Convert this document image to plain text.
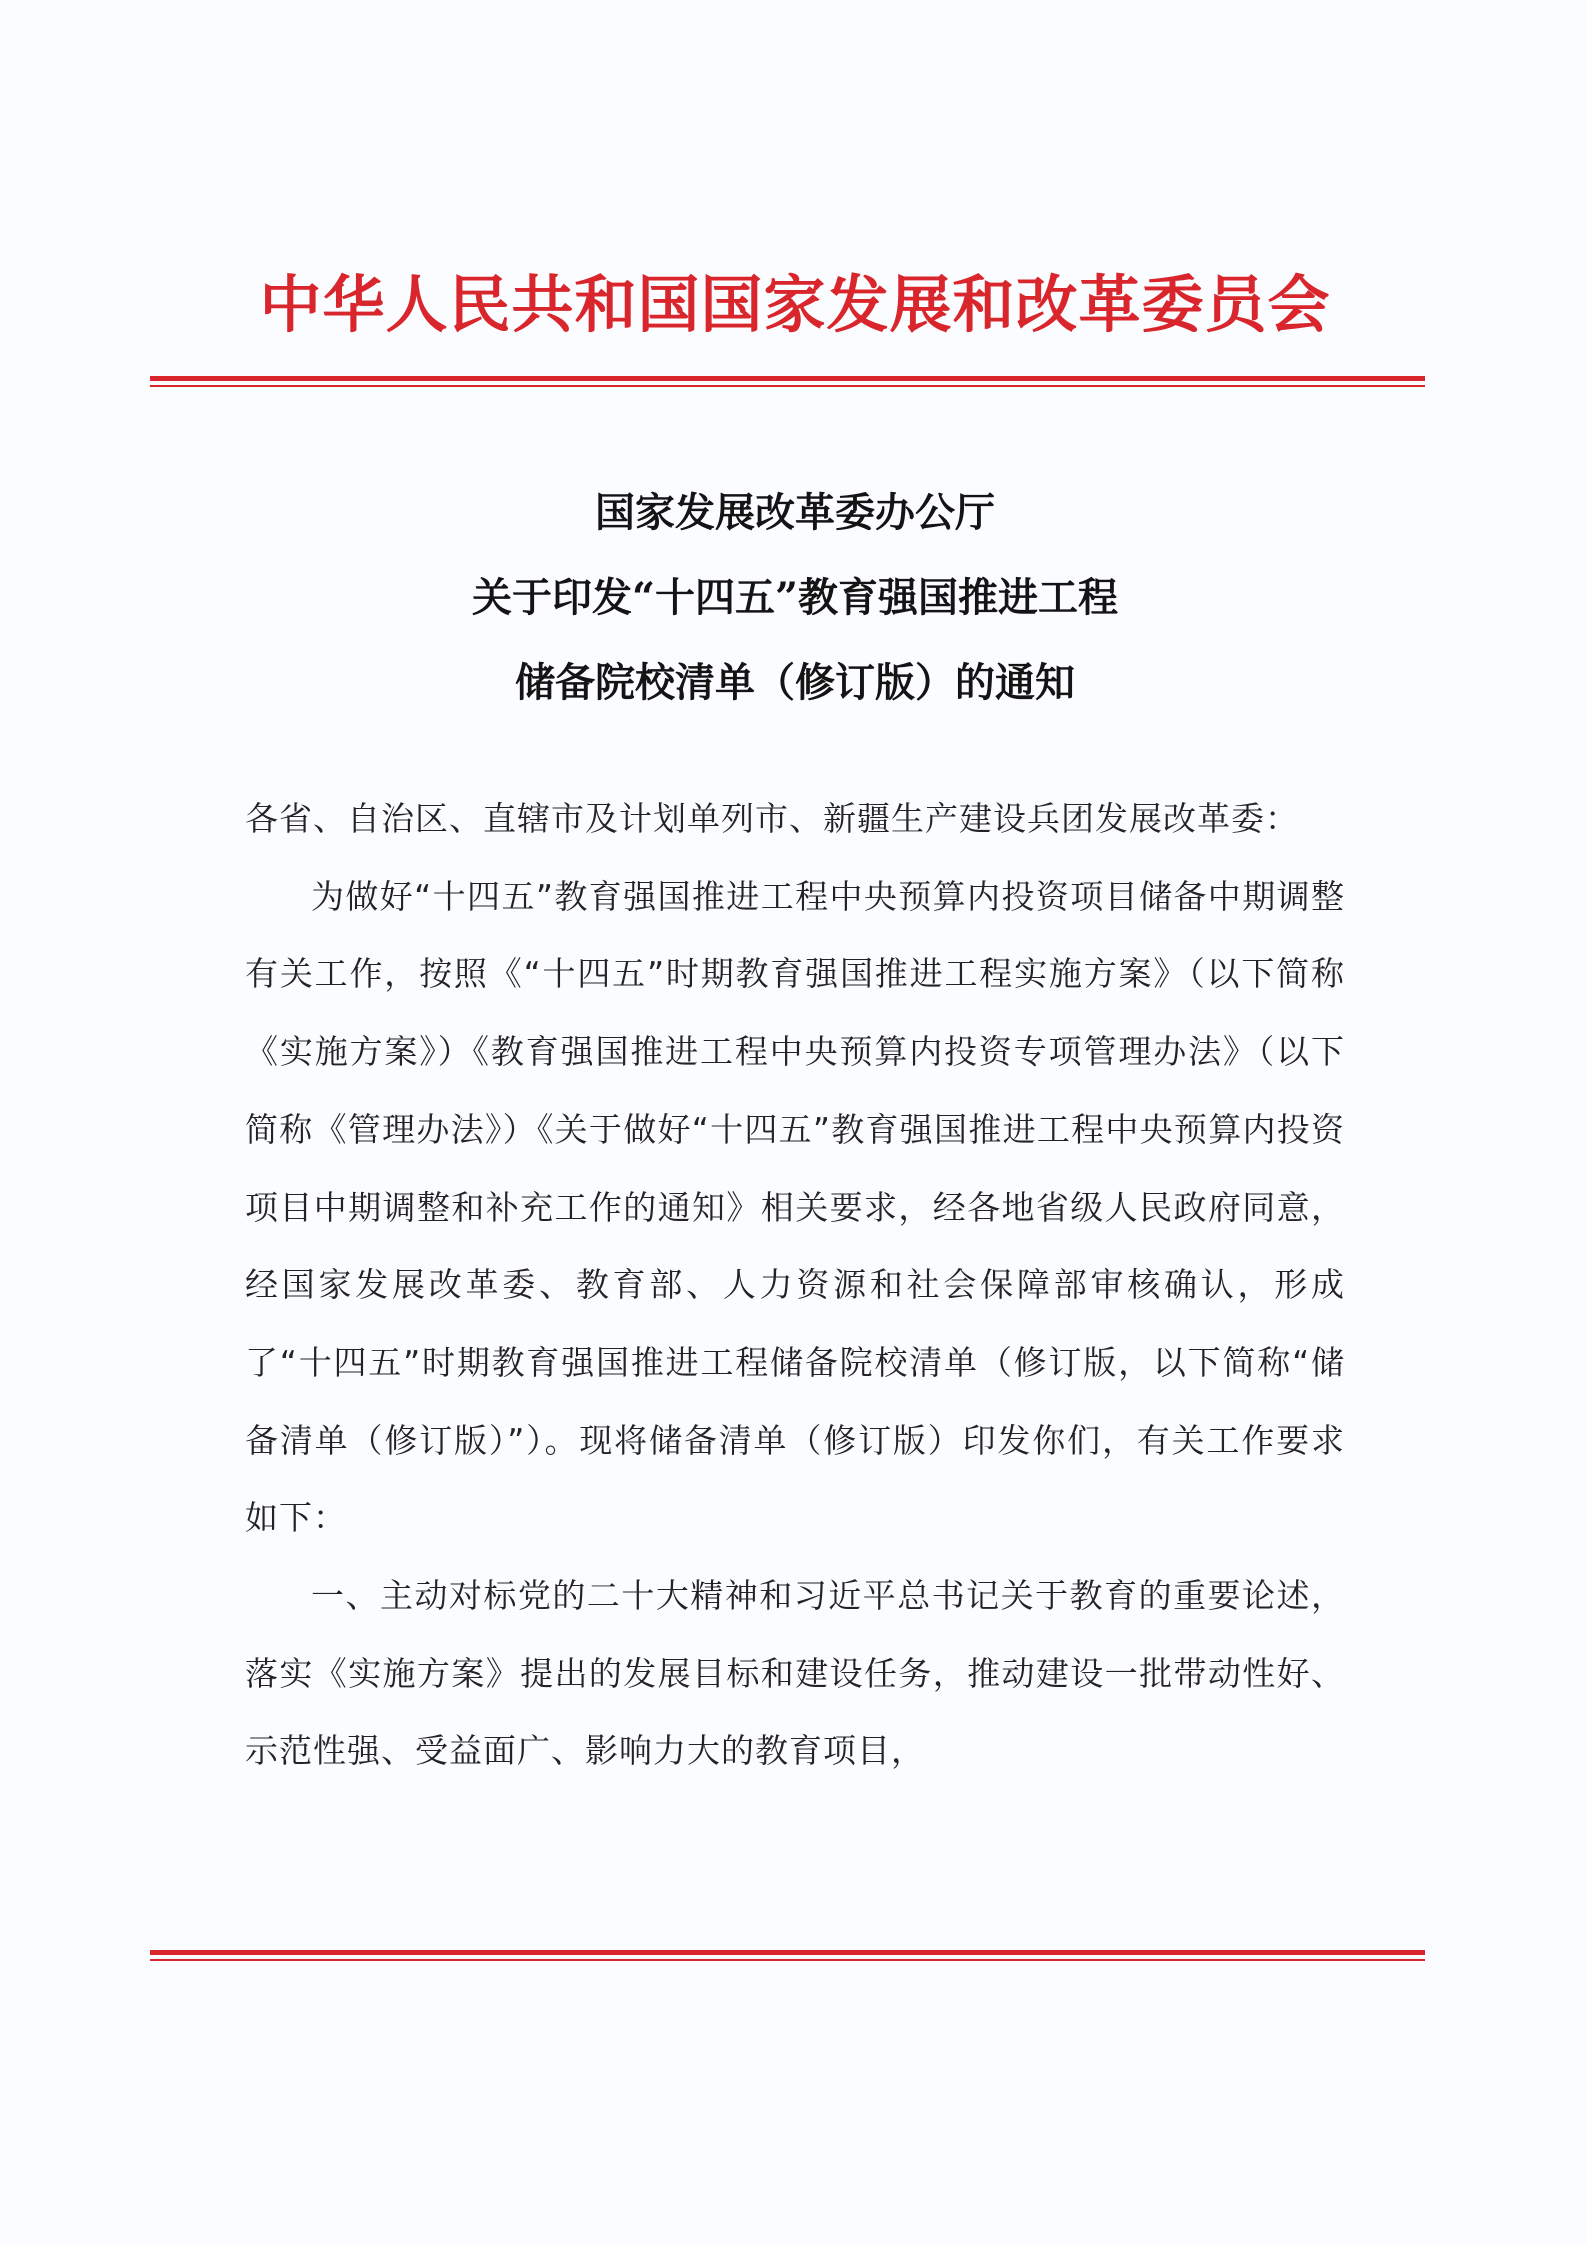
中华人民共和国国家发展和改革委员会
国家发展改革委办公厅
关于印发“十四五”教育强国推进工程
储备院校清单（修订版）的通知

各省、自治区、直辖市及计划单列市、新疆生产建设兵团发展改革委：

为做好“十四五”教育强国推进工程中央预算内投资项目储备中期调整有关工作，按照《“十四五”时期教育强国推进工程实施方案》（以下简称《实施方案》）《教育强国推进工程中央预算内投资专项管理办法》（以下简称《管理办法》）《关于做好“十四五”教育强国推进工程中央预算内投资项目中期调整和补充工作的通知》相关要求，经各地省级人民政府同意，经国家发展改革委、教育部、人力资源和社会保障部审核确认，形成了“十四五”时期教育强国推进工程储备院校清单（修订版，以下简称“储备清单（修订版）”）。现将储备清单（修订版）印发你们，有关工作要求如下：

一、主动对标党的二十大精神和习近平总书记关于教育的重要论述，落实《实施方案》提出的发展目标和建设任务，推动建设一批带动性好、示范性强、受益面广、影响力大的教育项目，
